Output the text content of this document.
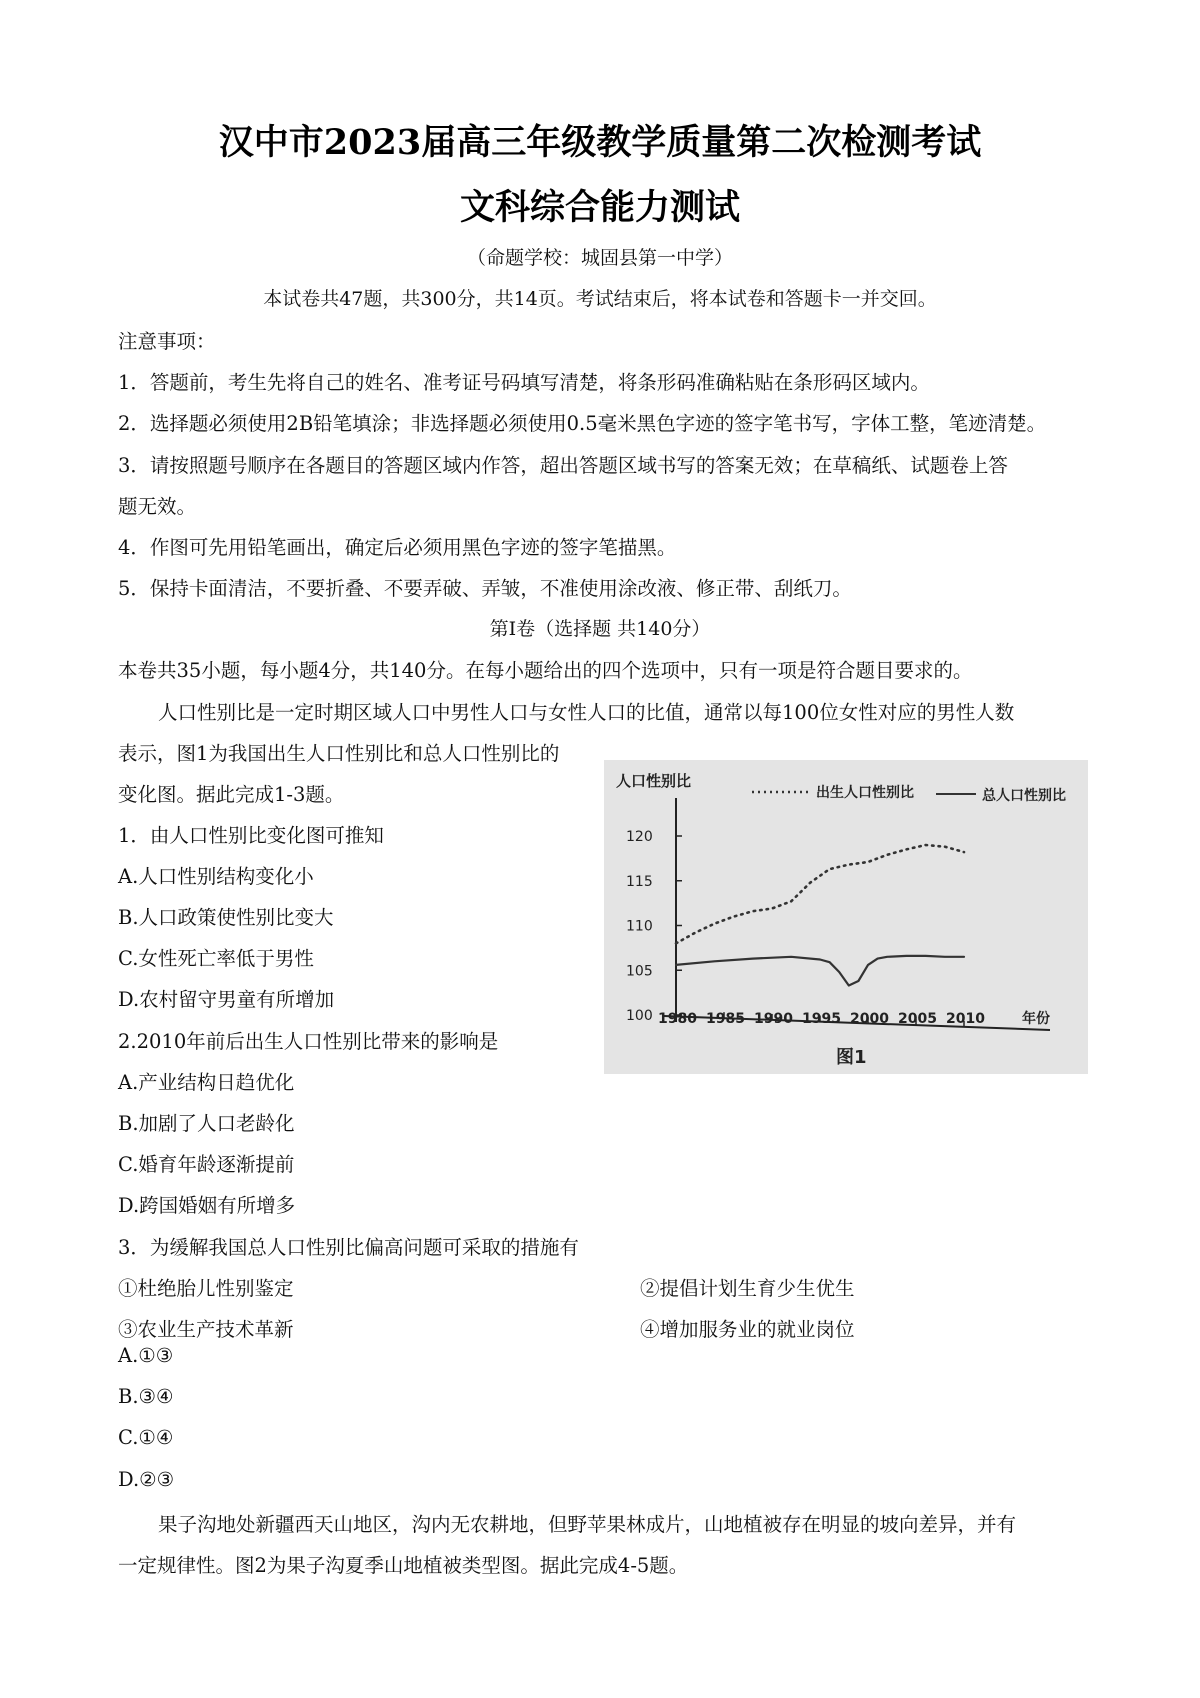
汉中市2023届高三年级教学质量第二次检测考试
文科综合能力测试
（命题学校：城固县第一中学）
本试卷共47题，共300分，共14页。考试结束后，将本试卷和答题卡一并交回。
注意事项：
1．答题前，考生先将自己的姓名、准考证号码填写清楚，将条形码准确粘贴在条形码区域内。
2．选择题必须使用2B铅笔填涂；非选择题必须使用0.5毫米黑色字迹的签字笔书写，字体工整，笔迹清楚。
3．请按照题号顺序在各题目的答题区域内作答，超出答题区域书写的答案无效；在草稿纸、试题卷上答
题无效。
4．作图可先用铅笔画出，确定后必须用黑色字迹的签字笔描黑。
5．保持卡面清洁，不要折叠、不要弄破、弄皱，不准使用涂改液、修正带、刮纸刀。
第I卷（选择题 共140分）
本卷共35小题，每小题4分，共140分。在每小题给出的四个选项中，只有一项是符合题目要求的。
人口性别比是一定时期区域人口中男性人口与女性人口的比值，通常以每100位女性对应的男性人数
表示，图1为我国出生人口性别比和总人口性别比的
变化图。据此完成1-3题。
1．由人口性别比变化图可推知
A.人口性别结构变化小
B.人口政策使性别比变大
C.女性死亡率低于男性
D.农村留守男童有所增加
2.2010年前后出生人口性别比带来的影响是
A.产业结构日趋优化
B.加剧了人口老龄化
C.婚育年龄逐渐提前
D.跨国婚姻有所增多
3．为缓解我国总人口性别比偏高问题可采取的措施有
①杜绝胎儿性别鉴定	②提倡计划生育少生优生
③农业生产技术革新	④增加服务业的就业岗位
A.①③
B.③④
C.①④
D.②③
果子沟地处新疆西天山地区，沟内无农耕地，但野苹果林成片，山地植被存在明显的坡向差异，并有
一定规律性。图2为果子沟夏季山地植被类型图。据此完成4-5题。
人口性别比
出生人口性别比	总人口性别比
100
105
110
115
120
1980 1985 1990 1995 2000 2005 2010	年份
图1
